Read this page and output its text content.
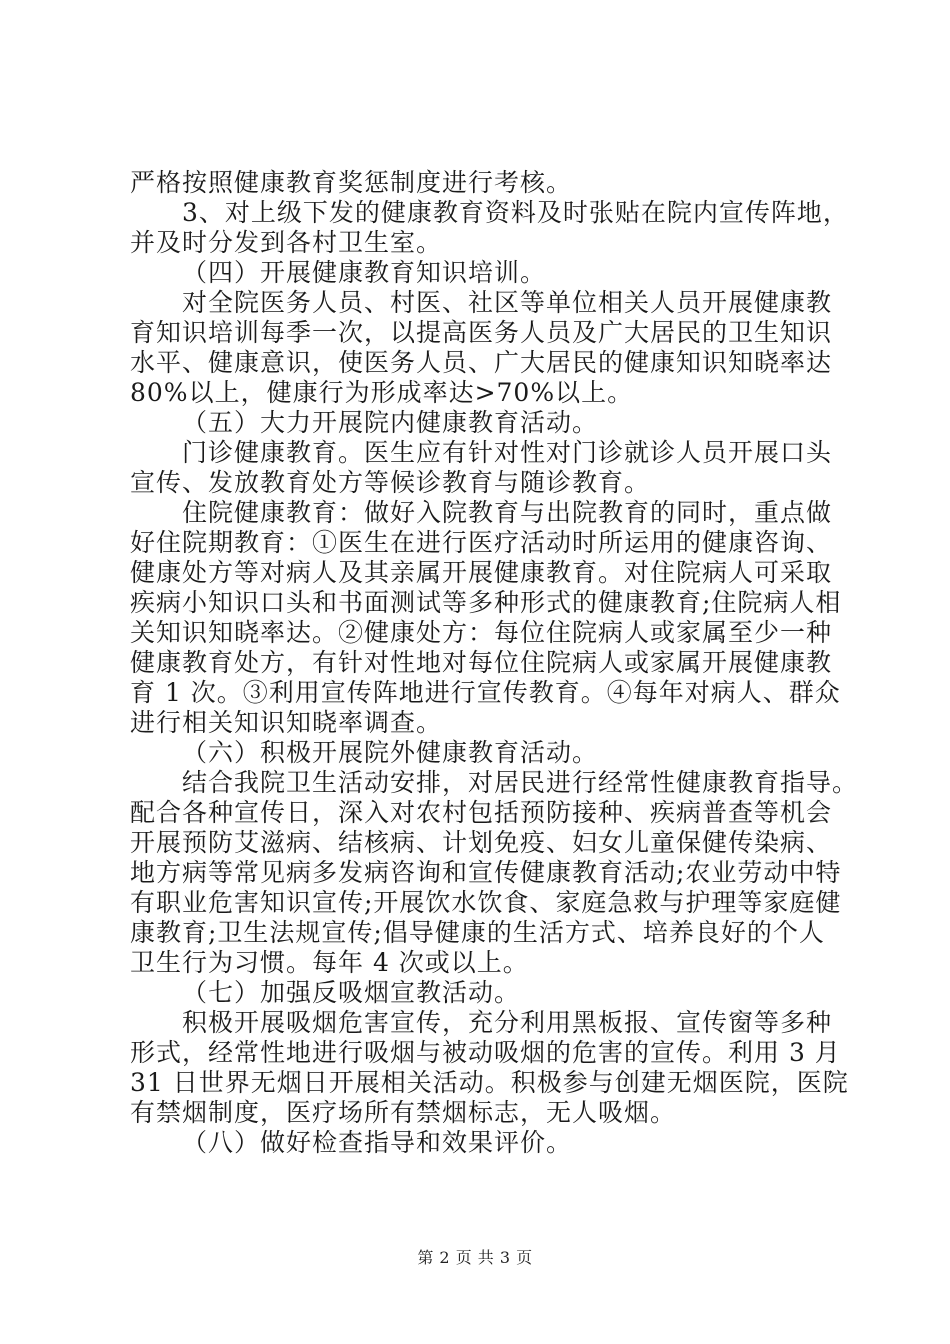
严格按照健康教育奖惩制度进行考核。
3、对上级下发的健康教育资料及时张贴在院内宣传阵地，
并及时分发到各村卫生室。
（四）开展健康教育知识培训。
对全院医务人员、村医、社区等单位相关人员开展健康教
育知识培训每季一次，以提高医务人员及广大居民的卫生知识
水平、健康意识，使医务人员、广大居民的健康知识知晓率达
80%以上，健康行为形成率达>70%以上。
（五）大力开展院内健康教育活动。
门诊健康教育。医生应有针对性对门诊就诊人员开展口头
宣传、发放教育处方等候诊教育与随诊教育。
住院健康教育：做好入院教育与出院教育的同时，重点做
好住院期教育：①医生在进行医疗活动时所运用的健康咨询、
健康处方等对病人及其亲属开展健康教育。对住院病人可采取
疾病小知识口头和书面测试等多种形式的健康教育;住院病人相
关知识知晓率达。②健康处方：每位住院病人或家属至少一种
健康教育处方，有针对性地对每位住院病人或家属开展健康教
育 1 次。③利用宣传阵地进行宣传教育。④每年对病人、群众
进行相关知识知晓率调查。
（六）积极开展院外健康教育活动。
结合我院卫生活动安排，对居民进行经常性健康教育指导。
配合各种宣传日，深入对农村包括预防接种、疾病普查等机会
开展预防艾滋病、结核病、计划免疫、妇女儿童保健传染病、
地方病等常见病多发病咨询和宣传健康教育活动;农业劳动中特
有职业危害知识宣传;开展饮水饮食、家庭急救与护理等家庭健
康教育;卫生法规宣传;倡导健康的生活方式、培养良好的个人
卫生行为习惯。每年 4 次或以上。
（七）加强反吸烟宣教活动。
积极开展吸烟危害宣传，充分利用黑板报、宣传窗等多种
形式，经常性地进行吸烟与被动吸烟的危害的宣传。利用 3 月
31 日世界无烟日开展相关活动。积极参与创建无烟医院，医院
有禁烟制度，医疗场所有禁烟标志，无人吸烟。
（八）做好检查指导和效果评价。
第 2 页 共 3 页
